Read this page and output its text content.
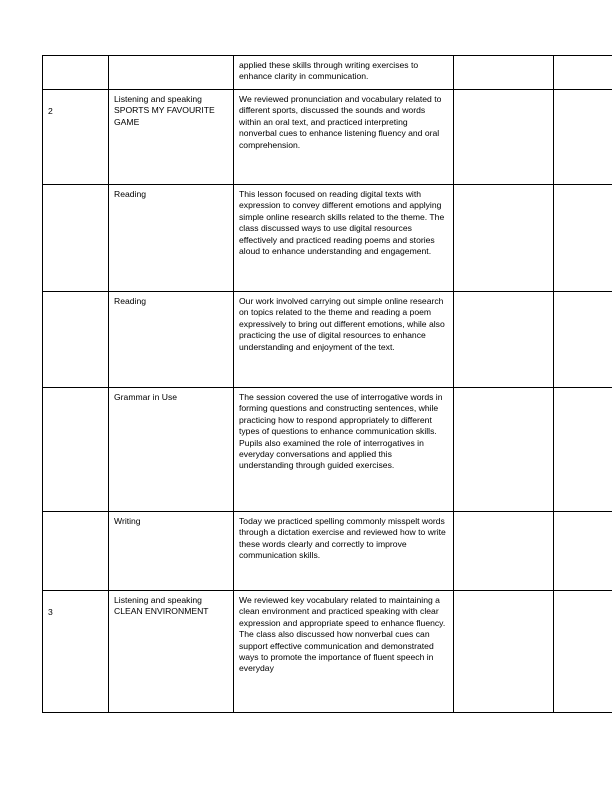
		applied these skills through writing exercises to enhance clarity in communication.		

2	Listening and speaking SPORTS MY FAVOURITE GAME	We reviewed pronunciation and vocabulary related to different sports, discussed the sounds and words within an oral text, and practiced interpreting nonverbal cues to enhance listening fluency and oral comprehension.		

	Reading	This lesson focused on reading digital texts with expression to convey different emotions and applying simple online research skills related to the theme. The class discussed ways to use digital resources effectively and practiced reading poems and stories aloud to enhance understanding and engagement.		

	Reading	Our work involved carrying out simple online research on topics related to the theme and reading a poem expressively to bring out different emotions, while also practicing the use of digital resources to enhance understanding and enjoyment of the text.		

	Grammar in Use	The session covered the use of interrogative words in forming questions and constructing sentences, while practicing how to respond appropriately to different types of questions to enhance communication skills. Pupils also examined the role of interrogatives in everyday conversations and applied this understanding through guided exercises.		

	Writing	Today we practiced spelling commonly misspelt words through a dictation exercise and reviewed how to write these words clearly and correctly to improve communication skills.		

3	Listening and speaking CLEAN ENVIRONMENT	We reviewed key vocabulary related to maintaining a clean environment and practiced speaking with clear expression and appropriate speed to enhance fluency. The class also discussed how nonverbal cues can support effective communication and demonstrated ways to promote the importance of fluent speech in everyday		
